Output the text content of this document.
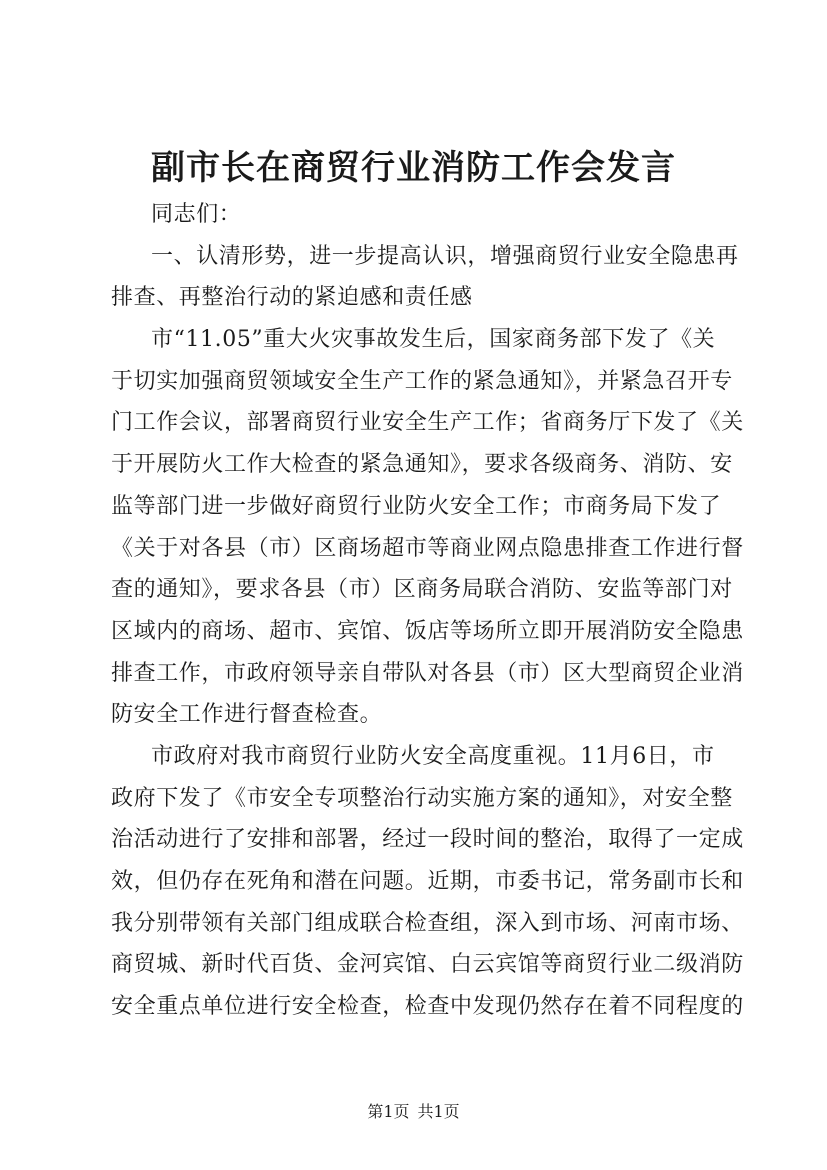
副市长在商贸行业消防工作会发言
同志们：
一、认清形势，进一步提高认识，增强商贸行业安全隐患再
排查、再整治行动的紧迫感和责任感
市“11.05”重大火灾事故发生后，国家商务部下发了《关
于切实加强商贸领域安全生产工作的紧急通知》，并紧急召开专
门工作会议，部署商贸行业安全生产工作；省商务厅下发了《关
于开展防火工作大检查的紧急通知》，要求各级商务、消防、安
监等部门进一步做好商贸行业防火安全工作；市商务局下发了
《关于对各县（市）区商场超市等商业网点隐患排查工作进行督
查的通知》，要求各县（市）区商务局联合消防、安监等部门对
区域内的商场、超市、宾馆、饭店等场所立即开展消防安全隐患
排查工作，市政府领导亲自带队对各县（市）区大型商贸企业消
防安全工作进行督查检查。
市政府对我市商贸行业防火安全高度重视。11月6日，市
政府下发了《市安全专项整治行动实施方案的通知》，对安全整
治活动进行了安排和部署，经过一段时间的整治，取得了一定成
效，但仍存在死角和潜在问题。近期，市委书记，常务副市长和
我分别带领有关部门组成联合检查组，深入到市场、河南市场、
商贸城、新时代百货、金河宾馆、白云宾馆等商贸行业二级消防
安全重点单位进行安全检查，检查中发现仍然存在着不同程度的
第1页 共1页
